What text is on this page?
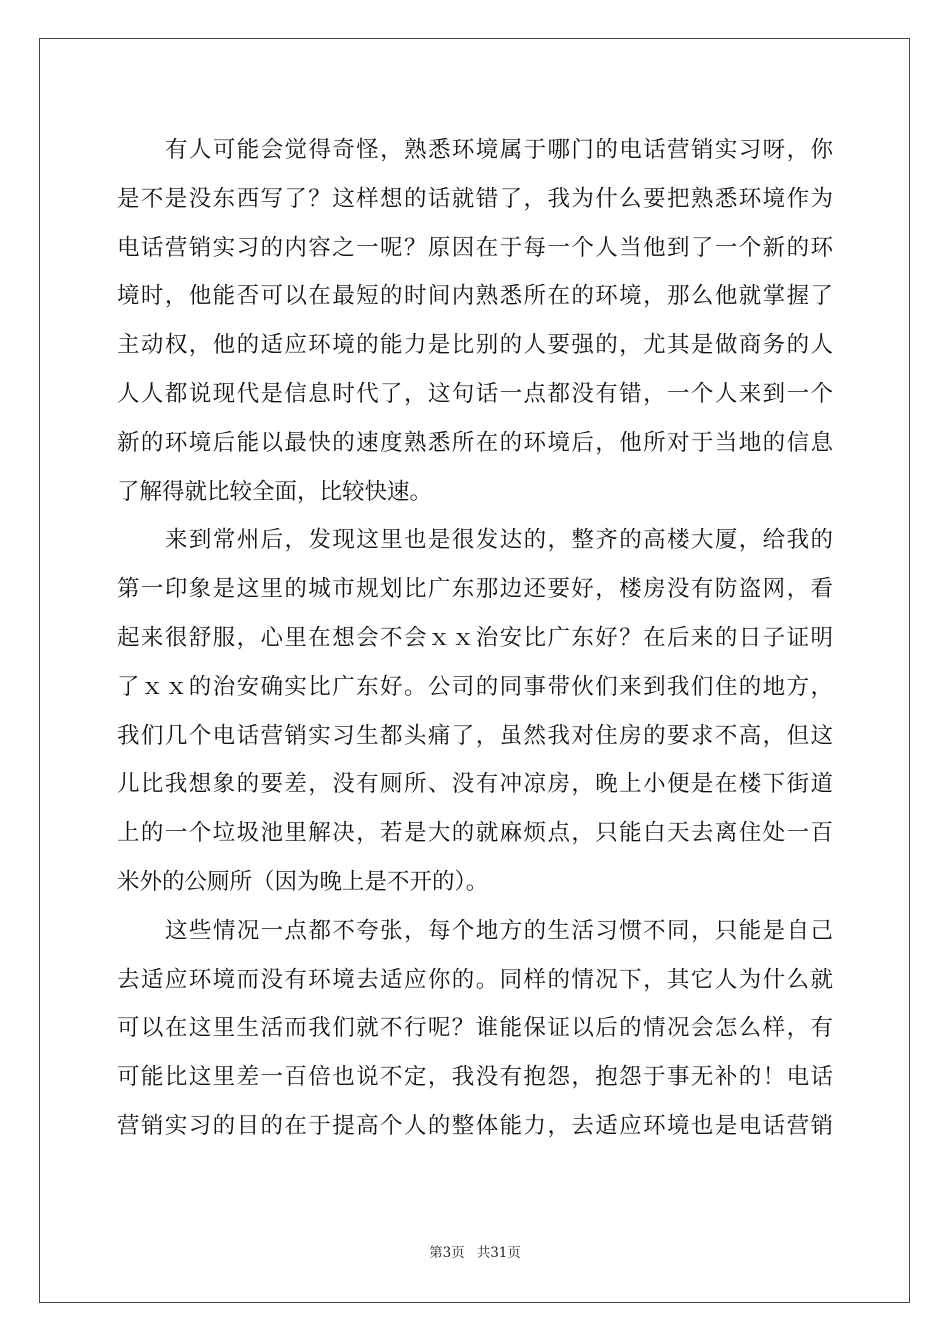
有人可能会觉得奇怪，熟悉环境属于哪门的电话营销实习呀，你
是不是没东西写了？这样想的话就错了，我为什么要把熟悉环境作为
电话营销实习的内容之一呢？原因在于每一个人当他到了一个新的环
境时，他能否可以在最短的时间内熟悉所在的环境，那么他就掌握了
主动权，他的适应环境的能力是比别的人要强的，尤其是做商务的人
人人都说现代是信息时代了，这句话一点都没有错，一个人来到一个
新的环境后能以最快的速度熟悉所在的环境后，他所对于当地的信息
了解得就比较全面，比较快速。
来到常州后，发现这里也是很发达的，整齐的高楼大厦，给我的
第一印象是这里的城市规划比广东那边还要好，楼房没有防盗网，看
起来很舒服，心里在想会不会ｘｘ治安比广东好？在后来的日子证明
了ｘｘ的治安确实比广东好。公司的同事带伙们来到我们住的地方，
我们几个电话营销实习生都头痛了，虽然我对住房的要求不高，但这
儿比我想象的要差，没有厕所、没有冲凉房，晚上小便是在楼下街道
上的一个垃圾池里解决，若是大的就麻烦点，只能白天去离住处一百
米外的公厕所（因为晚上是不开的）。
这些情况一点都不夸张，每个地方的生活习惯不同，只能是自己
去适应环境而没有环境去适应你的。同样的情况下，其它人为什么就
可以在这里生活而我们就不行呢？谁能保证以后的情况会怎么样，有
可能比这里差一百倍也说不定，我没有抱怨，抱怨于事无补的！电话
营销实习的目的在于提高个人的整体能力，去适应环境也是电话营销
第3页 共31页
